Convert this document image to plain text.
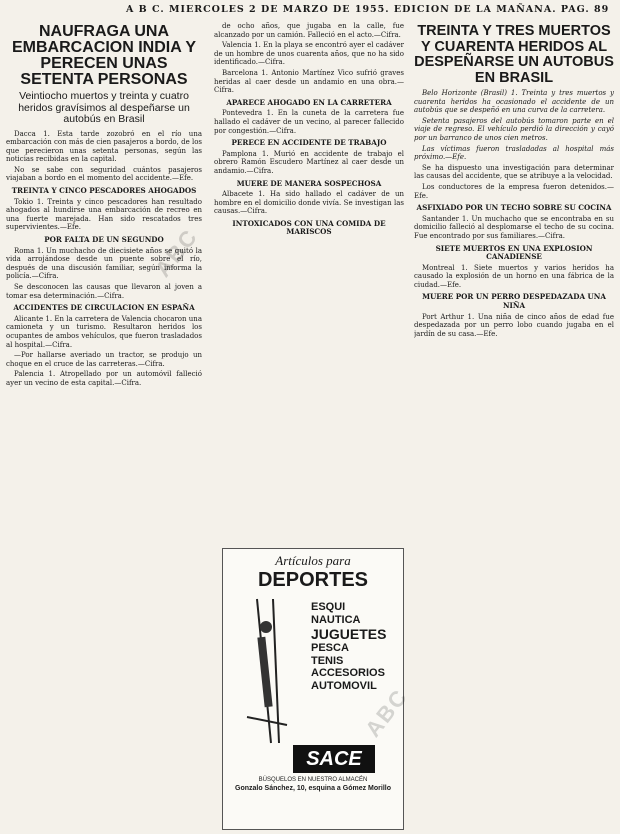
A B C. MIERCOLES 2 DE MARZO DE 1955. EDICION DE LA MAÑANA. PAG. 89
NAUFRAGA UNA EMBARCACION INDIA Y PERECEN UNAS SETENTA PERSONAS
Veintiocho muertos y treinta y cuatro heridos gravísimos al despeñarse un autobús en Brasil

Dacca 1. Esta tarde zozobró en el río una embarcación con más de cien pasajeros a bordo, de los que perecieron unas setenta personas, según las noticias recibidas en la capital.

No se sabe con seguridad cuántos pasajeros viajaban a bordo en el momento del accidente.—Efe.

TREINTA Y CINCO PESCADORES AHOGADOS

Tokio 1. Treinta y cinco pescadores han resultado ahogados al hundirse una embarcación de recreo en una fuerte marejada. Han sido rescatados tres supervivientes.—Efe.

POR FALTA DE UN SEGUNDO

Roma 1. Un muchacho de diecisiete años se quitó la vida arrojándose desde un puente sobre el río, después de una discusión familiar, según informa la policía.—Cifra.

Se desconocen las causas que llevaron al joven a tomar esa determinación.—Cifra.

ACCIDENTES DE CIRCULACION EN ESPAÑA

Alicante 1. En la carretera de Valencia chocaron una camioneta y un turismo. Resultaron heridos los ocupantes de ambos vehículos, que fueron trasladados al hospital.—Cifra.

—Por hallarse averiado un tractor, se produjo un choque en el cruce de las carreteras.—Cifra.

Palencia 1. Atropellado por un automóvil falleció ayer un vecino de esta capital.—Cifra.

de ocho años, que jugaba en la calle, fue alcanzado por un camión. Falleció en el acto.—Cifra.

Valencia 1. En la playa se encontró ayer el cadáver de un hombre de unos cuarenta años, que no ha sido identificado.—Cifra.

Barcelona 1. Antonio Martínez Vico sufrió graves heridas al caer desde un andamio en una obra.—Cifra.

APARECE AHOGADO EN LA CARRETERA

Pontevedra 1. En la cuneta de la carretera fue hallado el cadáver de un vecino, al parecer fallecido por congestión.—Cifra.

PERECE EN ACCIDENTE DE TRABAJO

Pamplona 1. Murió en accidente de trabajo el obrero Ramón Escudero Martínez al caer desde un andamio.—Cifra.

MUERE DE MANERA SOSPECHOSA

Albacete 1. Ha sido hallado el cadáver de un hombre en el domicilio donde vivía. Se investigan las causas.—Cifra.

INTOXICADOS CON UNA COMIDA DE MARISCOS
Artículos para
DEPORTES
ESQUI
NAUTICA
JUGUETES
PESCA
TENIS
ACCESORIOS
AUTOMOVIL
SACE
BÚSQUELOS EN NUESTRO ALMACÉN
Gonzalo Sánchez, 10, esquina a Gómez Morillo
TREINTA Y TRES MUERTOS Y CUARENTA HERIDOS AL DESPEÑARSE UN AUTOBUS EN BRASIL

Belo Horizonte (Brasil) 1. Treinta y tres muertos y cuarenta heridos ha ocasionado el accidente de un autobús que se despeñó en una curva de la carretera.

Setenta pasajeros del autobús tomaron parte en el viaje de regreso. El vehículo perdió la dirección y cayó por un barranco de unos cien metros.

Las víctimas fueron trasladadas al hospital más próximo.—Efe.

Se ha dispuesto una investigación para determinar las causas del accidente, que se atribuye a la velocidad.

Los conductores de la empresa fueron detenidos.—Efe.

ASFIXIADO POR UN TECHO SOBRE SU COCINA

Santander 1. Un muchacho que se encontraba en su domicilio falleció al desplomarse el techo de su cocina. Fue encontrado por sus familiares.—Cifra.

SIETE MUERTOS EN UNA EXPLOSION CANADIENSE

Montreal 1. Siete muertos y varios heridos ha causado la explosión de un horno en una fábrica de la ciudad.—Efe.

MUERE POR UN PERRO DESPEDAZADA UNA NIÑA

Port Arthur 1. Una niña de cinco años de edad fue despedazada por un perro lobo cuando jugaba en el jardín de su casa.—Efe.

ABC
ABC
